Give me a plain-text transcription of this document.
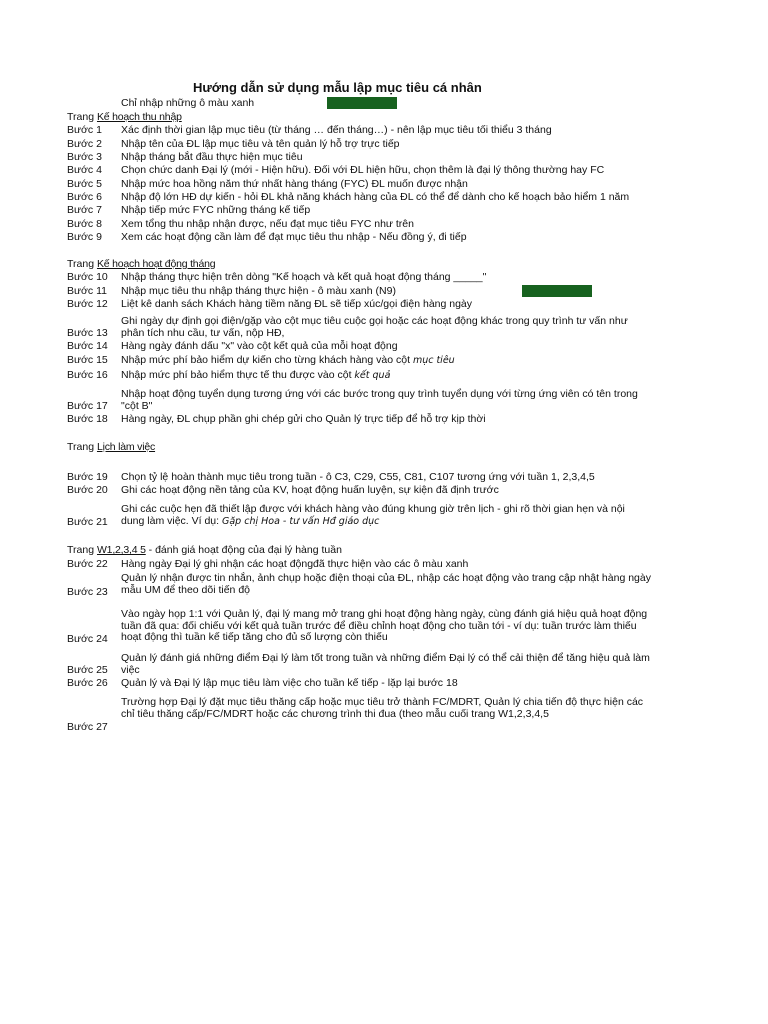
Hướng dẫn sử dụng mẫu lập mục tiêu cá nhân
Chỉ nhập những ô màu xanh
Trang Kế hoạch thu nhập
Bước 1 Xác định thời gian lập mục tiêu (từ tháng … đến tháng…) - nên lập mục tiêu tối thiểu 3 tháng
Bước 2 Nhập tên của ĐL lập mục tiêu và tên quản lý hỗ trợ trực tiếp
Bước 3 Nhập tháng bắt đầu thực hiện mục tiêu
Bước 4 Chọn chức danh Đại lý (mới - Hiện hữu). Đối với ĐL hiện hữu, chọn thêm là đại lý thông thường hay FC
Bước 5 Nhập mức hoa hồng năm thứ nhất hàng tháng (FYC) ĐL muốn được nhận
Bước 6 Nhập độ lớn HĐ dự kiến - hỏi ĐL khả năng khách hàng của ĐL có thể để dành cho kế hoạch bảo hiểm 1 năm
Bước 7 Nhập tiếp mức FYC những tháng kế tiếp
Bước 8 Xem tổng thu nhập nhận được, nếu đạt mục tiêu FYC như trên
Bước 9 Xem các hoạt động cần làm để đạt mục tiêu thu nhập - Nếu đồng ý, đi tiếp
Trang Kế hoạch hoạt động tháng
Bước 10 Nhập tháng thực hiện trên dòng "Kế hoạch và kết quả hoạt động tháng _____"
Bước 11 Nhập mục tiêu thu nhập tháng thực hiện - ô màu xanh (N9)
Bước 12 Liệt kê danh sách Khách hàng tiềm năng ĐL sẽ tiếp xúc/gọi điện hàng ngày
Ghi ngày dự định gọi điện/gặp vào cột mục tiêu cuộc gọi hoặc các hoạt động khác trong quy trình tư vấn như phân tích nhu cầu, tư vấn, nộp HĐ,
Bước 13
Bước 14 Hàng ngày đánh dấu "x" vào cột kết quả của mỗi hoạt động
Bước 15 Nhập mức phí bảo hiểm dự kiến cho từng khách hàng vào cột mục tiêu
Bước 16 Nhập mức phí bảo hiểm thực tế thu được vào cột kết quả
Nhập hoạt động tuyển dụng tương ứng với các bước trong quy trình tuyển dụng với từng ứng viên có tên trong "cột B"
Bước 17
Bước 18 Hàng ngày, ĐL chụp phần ghi chép gửi cho Quản lý trực tiếp để hỗ trợ kịp thời
Trang Lịch làm việc
Bước 19 Chọn tỷ lệ hoàn thành mục tiêu trong tuần - ô C3, C29, C55, C81, C107 tương ứng với tuần 1, 2,3,4,5
Bước 20 Ghi các hoạt động nền tảng của KV, hoạt động huấn luyện, sự kiện đã định trước
Ghi các cuộc hẹn đã thiết lập được với khách hàng vào đúng khung giờ trên lịch - ghi rõ thời gian hẹn và nội dung làm việc. Ví dụ: Gặp chị Hoa - tư vấn Hđ giáo dục
Bước 21
Trang W1,2,3,4 5 - đánh giá hoạt động của đại lý hàng tuần
Bước 22 Hàng ngày Đại lý ghi nhận các hoạt độngđã thực hiện vào các ô màu xanh
Quản lý nhận được tin nhắn, ảnh chụp hoặc điện thoại của ĐL, nhập các hoạt động vào trang cập nhật hàng ngày mẫu UM để theo dõi tiến độ
Bước 23
Vào ngày họp 1:1 với Quản lý, đại lý mang mở trang ghi hoạt động hàng ngày, cùng đánh giá hiệu quả hoạt động tuần đã qua: đối chiếu với kết quả tuần trước để điều chỉnh hoạt động cho tuần tới - ví dụ: tuần trước làm thiếu hoạt động thì tuần kế tiếp tăng cho đủ số lượng còn thiếu
Bước 24
Quản lý đánh giá những điểm Đại lý làm tốt trong tuần và những điểm Đại lý có thể cải thiện để tăng hiệu quả làm việc
Bước 25
Bước 26 Quản lý và Đại lý lập mục tiêu làm việc cho tuần kế tiếp - lặp lại bước 18
Trường hợp Đại lý đặt mục tiêu thăng cấp hoặc mục tiêu trở thành FC/MDRT, Quản lý chia tiến độ thực hiện các chỉ tiêu thăng cấp/FC/MDRT hoặc các chương trình thi đua (theo mẫu cuối trang W1,2,3,4,5
Bước 27
